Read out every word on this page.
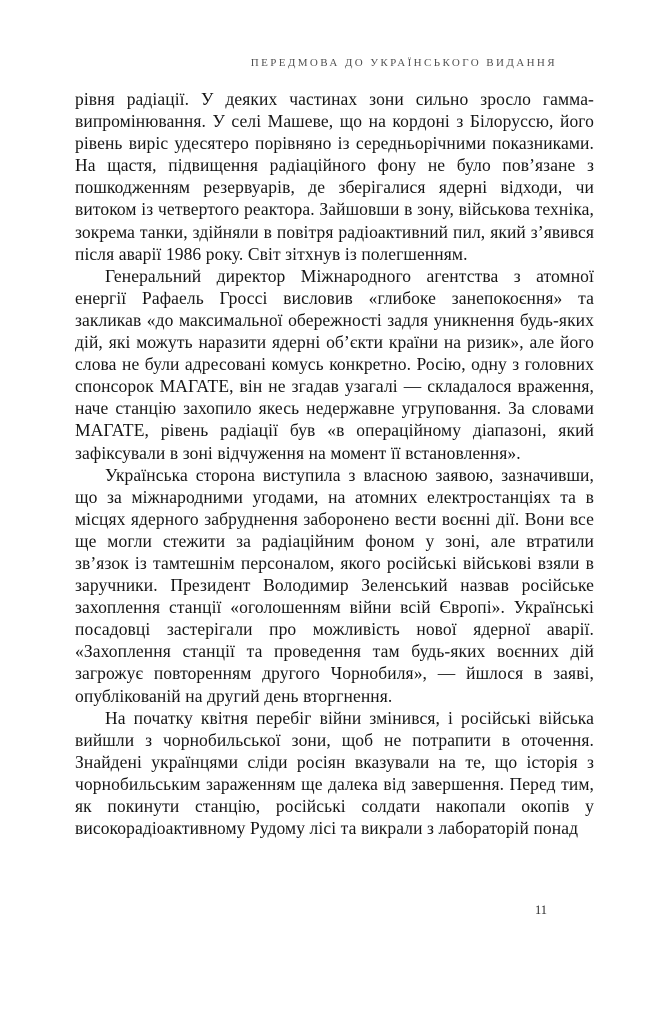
ПЕРЕДМОВА ДО УКРАЇНСЬКОГО ВИДАННЯ

рівня радіації. У деяких частинах зони сильно зросло гамма-випромінювання. У селі Машеве, що на кордоні з Білоруссю, його рівень виріс удесятеро порівняно із середньорічними показниками. На щастя, підвищення радіаційного фону не було пов’язане з пошкодженням резервуарів, де зберігалися ядерні відходи, чи витоком із четвертого реактора. Зайшовши в зону, військова техніка, зокрема танки, здійняли в повітря радіоактивний пил, який з’явився після аварії 1986 року. Світ зітхнув із полегшенням.

Генеральний директор Міжнародного агентства з атомної енергії Рафаель Гроссі висловив «глибоке занепокоєння» та закликав «до максимальної обережності задля уникнення будь-яких дій, які можуть наразити ядерні об’єкти країни на ризик», але його слова не були адресовані комусь конкретно. Росію, одну з головних спонсорок МАГАТЕ, він не згадав узагалі — складалося враження, наче станцію захопило якесь недержавне угруповання. За словами МАГАТЕ, рівень радіації був «в операційному діапазоні, який зафіксували в зоні відчуження на момент її встановлення».

Українська сторона виступила з власною заявою, зазначивши, що за міжнародними угодами, на атомних електростанціях та в місцях ядерного забруднення заборонено вести воєнні дії. Вони все ще могли стежити за радіаційним фоном у зоні, але втратили зв’язок із тамтешнім персоналом, якого російські військові взяли в заручники. Президент Володимир Зеленський назвав російське захоплення станції «оголошенням війни всій Європі». Українські посадовці застерігали про можливість нової ядерної аварії. «Захоплення станції та проведення там будь-яких воєнних дій загрожує повторенням другого Чорнобиля», — йшлося в заяві, опублікованій на другий день вторгнення.

На початку квітня перебіг війни змінився, і російські війська вийшли з чорнобильської зони, щоб не потрапити в оточення. Знайдені українцями сліди росіян вказували на те, що історія з чорнобильським зараженням ще далека від завершення. Перед тим, як покинути станцію, російські солдати накопали окопів у високорадіоактивному Рудому лісі та викрали з лабораторій понад

11
